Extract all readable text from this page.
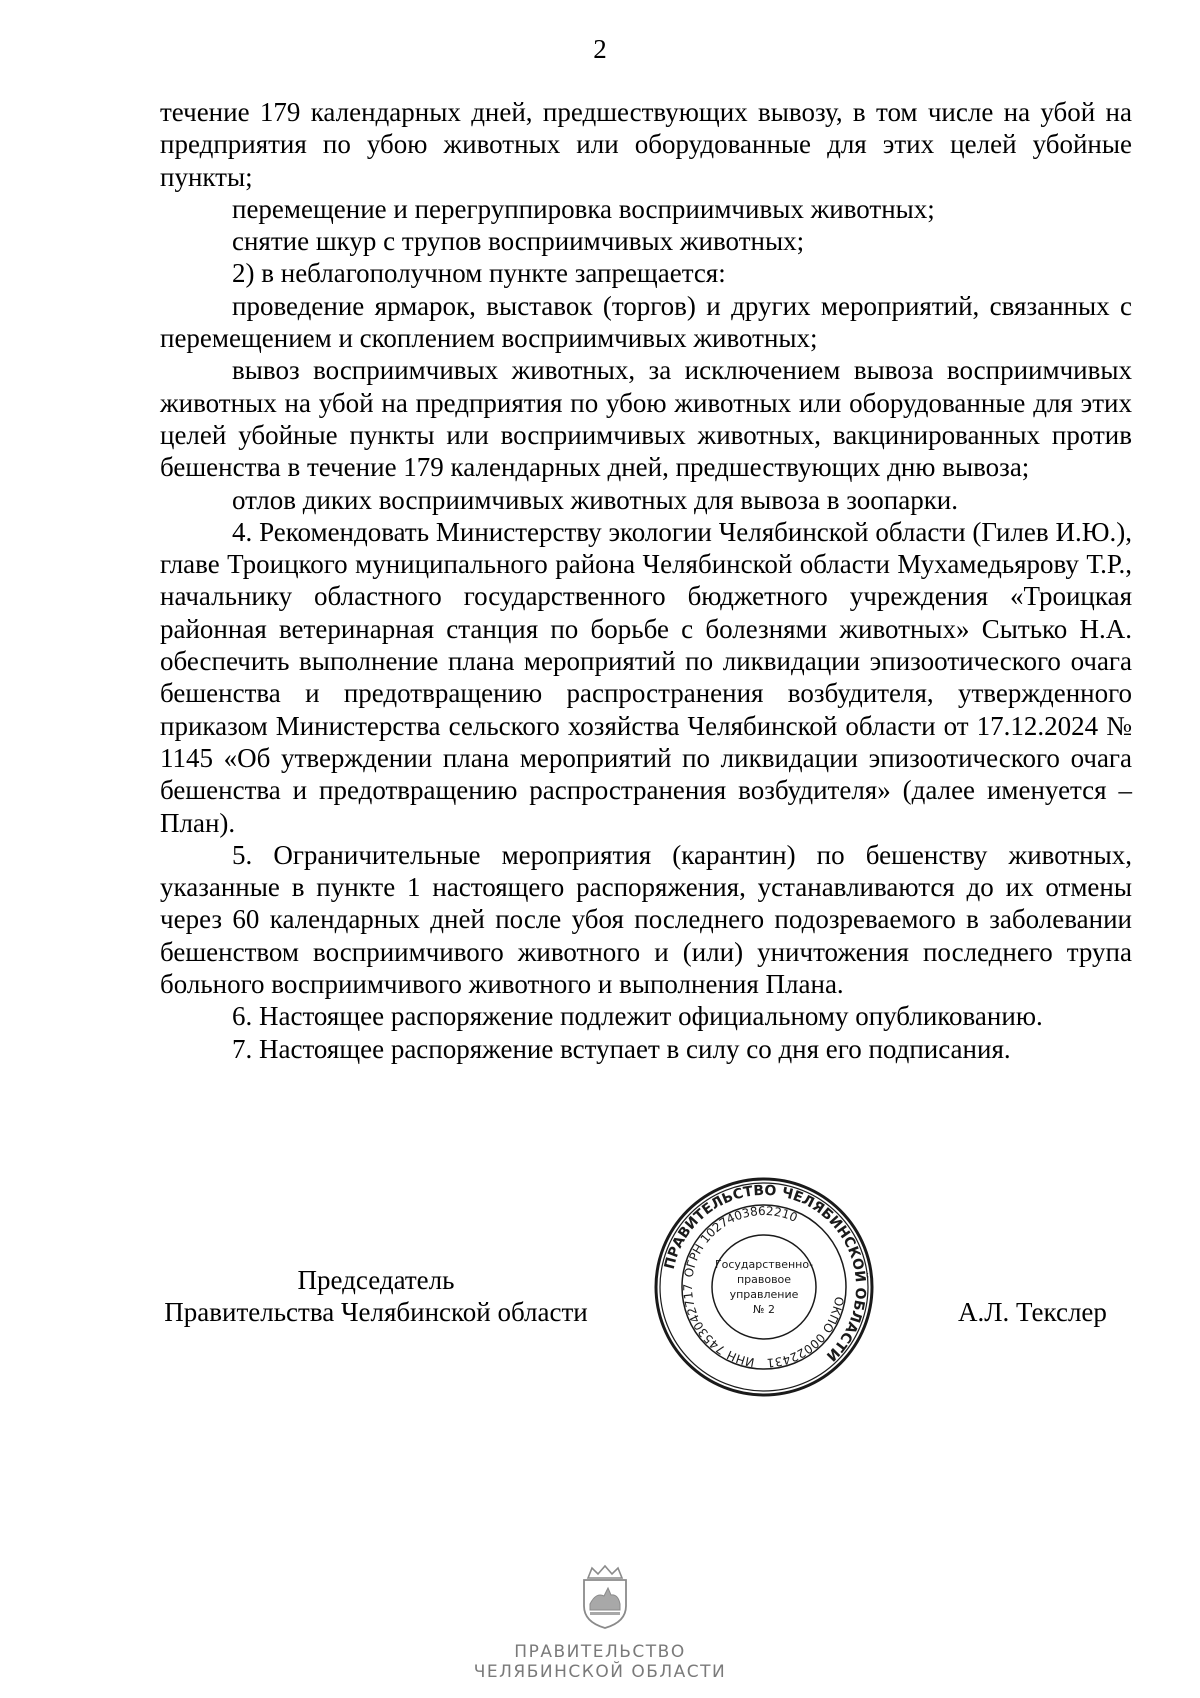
2

течение 179 календарных дней, предшествующих вывозу, в том числе на убой на предприятия по убою животных или оборудованные для этих целей убойные пункты;

перемещение и перегруппировка восприимчивых животных;

снятие шкур с трупов восприимчивых животных;

2) в неблагополучном пункте запрещается:

проведение ярмарок, выставок (торгов) и других мероприятий, связанных с перемещением и скоплением восприимчивых животных;

вывоз восприимчивых животных, за исключением вывоза восприимчивых животных на убой на предприятия по убою животных или оборудованные для этих целей убойные пункты или восприимчивых животных, вакцинированных против бешенства в течение 179 календарных дней, предшествующих дню вывоза;

отлов диких восприимчивых животных для вывоза в зоопарки.

4. Рекомендовать Министерству экологии Челябинской области (Гилев И.Ю.), главе Троицкого муниципального района Челябинской области Мухамедьярову Т.Р., начальнику областного государственного бюджетного учреждения «Троицкая районная ветеринарная станция по борьбе с болезнями животных» Сытько Н.А. обеспечить выполнение плана мероприятий по ликвидации эпизоотического очага бешенства и предотвращению распространения возбудителя, утвержденного приказом Министерства сельского хозяйства Челябинской области от 17.12.2024 № 1145 «Об утверждении плана мероприятий по ликвидации эпизоотического очага бешенства и предотвращению распространения возбудителя» (далее именуется – План).

5. Ограничительные мероприятия (карантин) по бешенству животных, указанные в пункте 1 настоящего распоряжения, устанавливаются до их отмены через 60 календарных дней после убоя последнего подозреваемого в заболевании бешенством восприимчивого животного и (или) уничтожения последнего трупа больного восприимчивого животного и выполнения Плана.

6. Настоящее распоряжение подлежит официальному опубликованию.

7. Настоящее распоряжение вступает в силу со дня его подписания.

Председатель
Правительства Челябинской области	А.Л. Текслер
ПРАВИТЕЛЬСТВО ЧЕЛЯБИНСКОЙ ОБЛАСТИ
ОГРН 1027403862210
ОКПО 00022431
ИНН 7453042717
Государственно-
правовое
управление
№ 2
ПРАВИТЕЛЬСТВО
ЧЕЛЯБИНСКОЙ ОБЛАСТИ
